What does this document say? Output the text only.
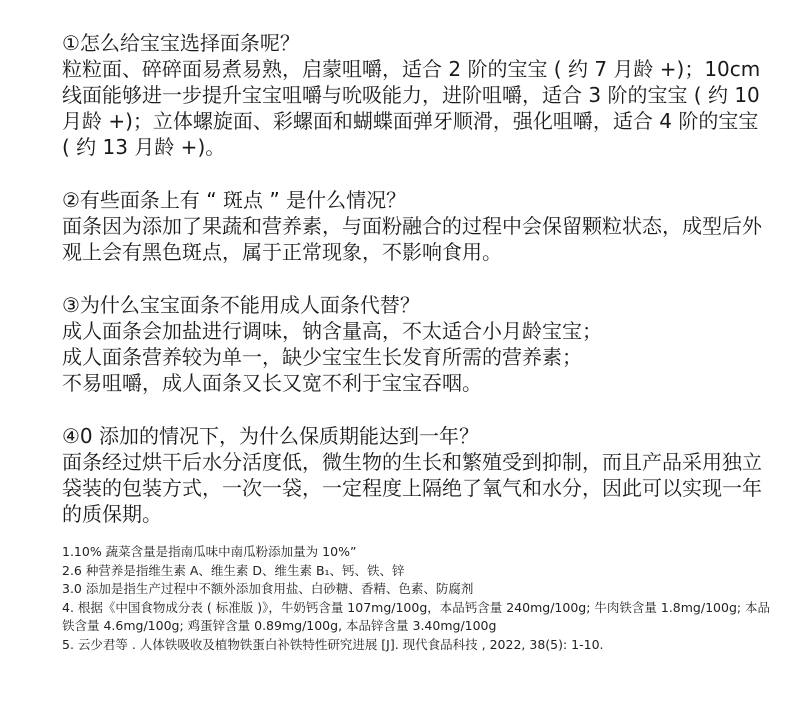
①怎么给宝宝选择面条呢？
粒粒面、碎碎面易煮易熟，启蒙咀嚼，适合 2 阶的宝宝 ( 约 7 月龄 +)；10cm 线面能够进一步提升宝宝咀嚼与吮吸能力，进阶咀嚼，适合 3 阶的宝宝 ( 约 10 月龄 +)；立体螺旋面、彩螺面和蝴蝶面弹牙顺滑，强化咀嚼，适合 4 阶的宝宝 ( 约 13 月龄 +)。
②有些面条上有 “ 斑点 ” 是什么情况？
面条因为添加了果蔬和营养素，与面粉融合的过程中会保留颗粒状态，成型后外观上会有黑色斑点，属于正常现象，不影响食用。
③为什么宝宝面条不能用成人面条代替？
成人面条会加盐进行调味，钠含量高，不太适合小月龄宝宝；
成人面条营养较为单一，缺少宝宝生长发育所需的营养素；
不易咀嚼，成人面条又长又宽不利于宝宝吞咽。
④0 添加的情况下，为什么保质期能达到一年？
面条经过烘干后水分活度低，微生物的生长和繁殖受到抑制，而且产品采用独立袋装的包装方式，一次一袋，一定程度上隔绝了氧气和水分，因此可以实现一年的质保期。
1.10% 蔬菜含量是指南瓜味中南瓜粉添加量为 10%”
2.6 种营养是指维生素 A、维生素 D、维生素 B₁、钙、铁、锌
3.0 添加是指生产过程中不额外添加食用盐、白砂糖、香精、色素、防腐剂
4. 根据《中国食物成分表 ( 标准版 )》，牛奶钙含量 107mg/100g，本品钙含量 240mg/100g; 牛肉铁含量 1.8mg/100g; 本品铁含量 4.6mg/100g; 鸡蛋锌含量 0.89mg/100g, 本品锌含量 3.40mg/100g
5. 云少君等 . 人体铁吸收及植物铁蛋白补铁特性研究进展 [J]. 现代食品科技 , 2022, 38(5): 1-10.
